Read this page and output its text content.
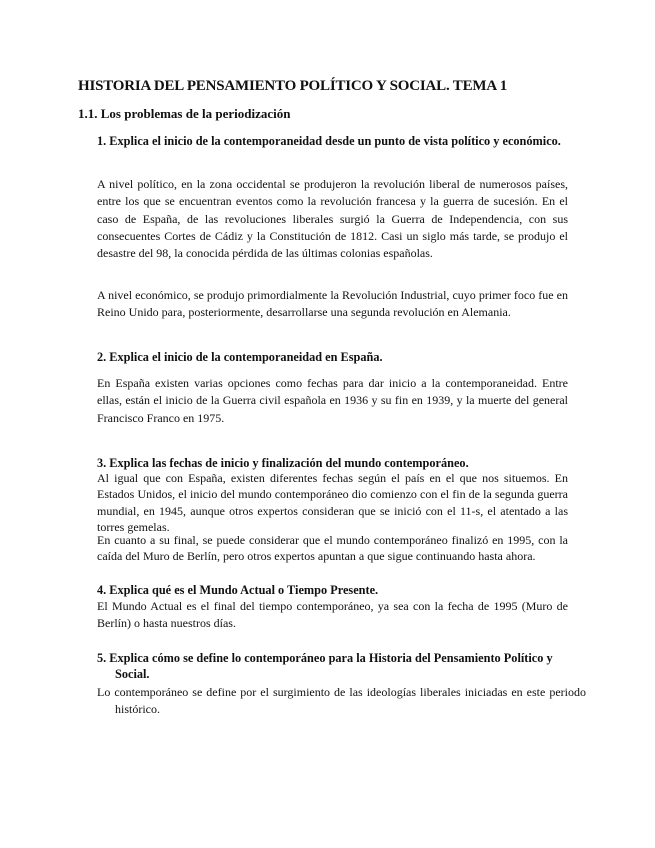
HISTORIA DEL PENSAMIENTO POLÍTICO Y SOCIAL. TEMA 1
1.1. Los problemas de la periodización
1. Explica el inicio de la contemporaneidad desde un punto de vista político y económico.

A nivel político, en la zona occidental se produjeron la revolución liberal de numerosos países, entre los que se encuentran eventos como la revolución francesa y la guerra de sucesión. En el caso de España, de las revoluciones liberales surgió la Guerra de Independencia, con sus consecuentes Cortes de Cádiz y la Constitución de 1812. Casi un siglo más tarde, se produjo el desastre del 98, la conocida pérdida de las últimas colonias españolas.

A nivel económico, se produjo primordialmente la Revolución Industrial, cuyo primer foco fue en Reino Unido para, posteriormente, desarrollarse una segunda revolución en Alemania.

2. Explica el inicio de la contemporaneidad en España.

En España existen varias opciones como fechas para dar inicio a la contemporaneidad. Entre ellas, están el inicio de la Guerra civil española en 1936 y su fin en 1939, y la muerte del general Francisco Franco en 1975.

3. Explica las fechas de inicio y finalización del mundo contemporáneo.

Al igual que con España, existen diferentes fechas según el país en el que nos situemos. En Estados Unidos, el inicio del mundo contemporáneo dio comienzo con el fin de la segunda guerra mundial, en 1945, aunque otros expertos consideran que se inició con el 11-s, el atentado a las torres gemelas.

En cuanto a su final, se puede considerar que el mundo contemporáneo finalizó en 1995, con la caída del Muro de Berlín, pero otros expertos apuntan a que sigue continuando hasta ahora.

4. Explica qué es el Mundo Actual o Tiempo Presente.

El Mundo Actual es el final del tiempo contemporáneo, ya sea con la fecha de 1995 (Muro de Berlín) o hasta nuestros días.

5. Explica cómo se define lo contemporáneo para la Historia del Pensamiento Político y
Social.

Lo contemporáneo se define por el surgimiento de las ideologías liberales iniciadas en este periodo histórico.
